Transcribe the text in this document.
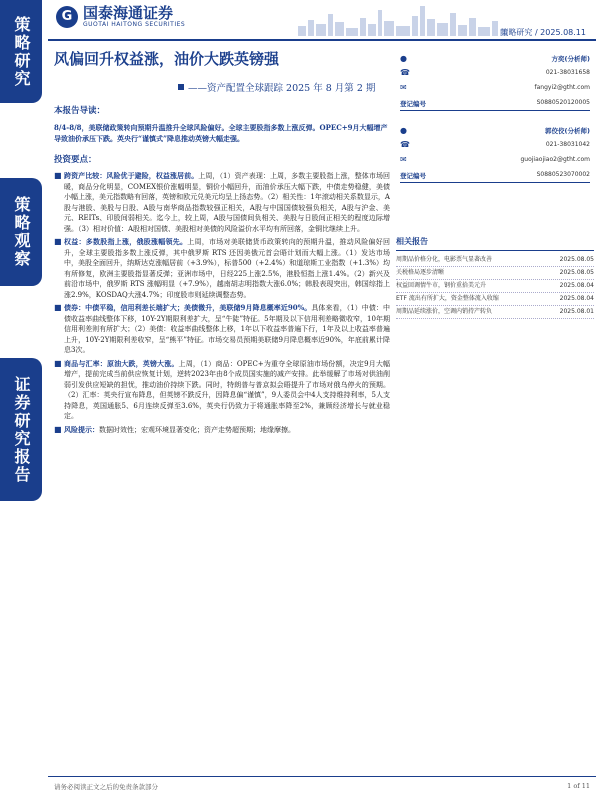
策略研究
策略观察
证券研究报告
G 国泰海通证券
GUOTAI HAITONG SECURITIES
策略研究 / 2025.08.11
风偏回升权益涨，油价大跌英镑强
——资产配置全球跟踪 2025 年 8 月第 2 期
●	方奕(分析师)
☎	021-38031658
✉	fangyi2@gtht.com
登记编号	S0880520120005
●	郭佼佼(分析师)
☎	021-38031042
✉	guojiaojiao2@gtht.com
登记编号	S0880523070002
相关报告
周期品价格分化，电影票气显著改善	2025.08.05
关税格局逐步清晰	2025.08.05
权益回调情牛市，钢价重拾美元升	2025.08.04
ETF 流出有所扩大，资金整体流入收缩	2025.08.04
周期品延续涨价，空调内销持产转负	2025.08.01
本报告导读：
8/4-8/8，美联储政策转向预期升温推升全球风险偏好。全球主要股指多数上涨反弹。OPEC+9月大幅增产导致油价承压下跌。英央行“谨慎式”降息推动英镑大幅走强。
投资要点：
■ 跨资产比较：风险优于避险，权益涨居前。上周，（1）资产表现：上周，多数主要股指上涨，整体市场回暖，商品分化明显，COMEX银价涨幅明显，铜价小幅回升，而油价承压大幅下跌，中债走势稳健，美债小幅上涨，美元指数略有回落，英镑和欧元兑美元均呈上扬态势。（2）相关性：1年滚动相关系数显示，A股与港股、美股与日股、A股与南华商品指数较强正相关，A股与中国国债较强负相关，A股与沪金、美元、REITs、印股间弱相关。迄今上，较上周，A股与国债间负相关、美股与日股间正相关的程度边际增强。（3）相对价值：A股相对国债、美股相对美债的风险溢价水平均有所回落，金铜比继续上升。
■ 权益：多数股指上涨，俄股涨幅领先。上周，市场对美联储货币政策转向的预期升温，推动风险偏好回升，全球主要股指多数上涨反弹，其中俄罗斯 RTS 还因美俄元首会晤计划而大幅上涨。（1）发达市场中，美股全面回升，纳斯达克涨幅居前（+3.9%），标普500（+2.4%）和道琼斯工业指数（+1.3%）均有所修复，欧洲主要股指显著反弹；亚洲市场中，日经225上涨2.5%，港股恒指上涨1.4%。（2）新兴及前沿市场中，俄罗斯 RTS 涨幅明显（+7.9%），越南胡志明指数大涨6.0%；韩股表现突出，韩国综指上涨2.9%，KOSDAQ大涨4.7%；印度股市则延续调整态势。
■ 债券：中债平稳，信用利差长端扩大；美债微升，美联储9月降息概率近90%。具体来看，（1）中债：中债收益率曲线整体下移，10Y-2Y期限利差扩大，呈“牛陡”特征。5年期及以下信用利差略微收窄，10年期信用利差则有所扩大；（2）美债：收益率曲线整体上移，1年以下收益率普遍下行，1年及以上收益率普遍上升，10Y-2Y期限利差收窄，呈“熊平”特征。市场交易员预期美联储9月降息概率近90%，年底前累计降息3次。
■ 商品与汇率：原油大跌，英镑大涨。上周，（1）商品：OPEC+为重夺全球原油市场份额，决定9月大幅增产，提前完成当前供应恢复计划，逆转2023年由8个成员国实施的减产安排。此举缓解了市场对供油削弱引发供应短缺的担忧，推动油价持续下跌。同时，特朗普与普京拟会晤提升了市场对俄乌停火的预期。（2）汇率：英央行宣布降息，但英镑不跌反升，因降息偏“谨慎”，9人委员会中4人支持维持利率，5人支持降息，英国通胀5、6月连续反弹至3.6%，英央行仍致力于将通胀率降至2%，兼顾经济增长与就业稳定。
■ 风险提示：数据时效性；宏观环境显著变化；资产走势超预期；地缘摩擦。
请务必阅读正文之后的免责条款部分	1 of 11
